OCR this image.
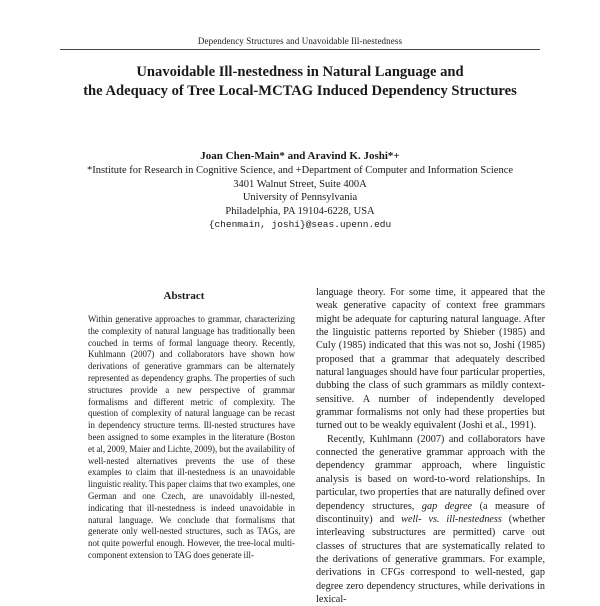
Dependency Structures and Unavoidable Ill-nestedness
Unavoidable Ill-nestedness in Natural Language and
the Adequacy of Tree Local-MCTAG Induced Dependency Structures
Joan Chen-Main* and Aravind K. Joshi*+
*Institute for Research in Cognitive Science, and +Department of Computer and Information Science
3401 Walnut Street, Suite 400A
University of Pennsylvania
Philadelphia, PA 19104-6228, USA
{chenmain, joshi}@seas.upenn.edu
Abstract

Within generative approaches to grammar, characterizing the complexity of natural language has traditionally been couched in terms of formal language theory. Recently, Kuhlmann (2007) and collaborators have shown how derivations of generative grammars can be alternately represented as dependency graphs. The properties of such structures provide a new perspective of grammar formalisms and different metric of complexity. The question of complexity of natural language can be recast in dependency structure terms. Ill-nested structures have been assigned to some examples in the literature (Boston et al, 2009, Maier and Lichte, 2009), but the availability of well-nested alternatives prevents the use of these examples to claim that ill-nestedness is an unavoidable linguistic reality. This paper claims that two examples, one German and one Czech, are unavoidably ill-nested, indicating that ill-nestedness is indeed unavoidable in natural language. We conclude that formalisms that generate only well-nested structures, such as TAGs, are not quite powerful enough. However, the tree-local multi-component extension to TAG does generate ill-

language theory. For some time, it appeared that the weak generative capacity of context free grammars might be adequate for capturing natural language. After the linguistic patterns reported by Shieber (1985) and Culy (1985) indicated that this was not so, Joshi (1985) proposed that a grammar that adequately described natural languages should have four particular properties, dubbing the class of such grammars as mildly context-sensitive. A number of independently developed grammar formalisms not only had these properties but turned out to be weakly equivalent (Joshi et al., 1991).

Recently, Kuhlmann (2007) and collaborators have connected the generative grammar approach with the dependency grammar approach, where linguistic analysis is based on word-to-word relationships. In particular, two properties that are naturally defined over dependency structures, gap degree (a measure of discontinuity) and well- vs. ill-nestedness (whether interleaving substructures are permitted) carve out classes of structures that are systematically related to the derivations of generative grammars. For example, derivations in CFGs correspond to well-nested, gap degree zero dependency structures, while derivations in lexical-
